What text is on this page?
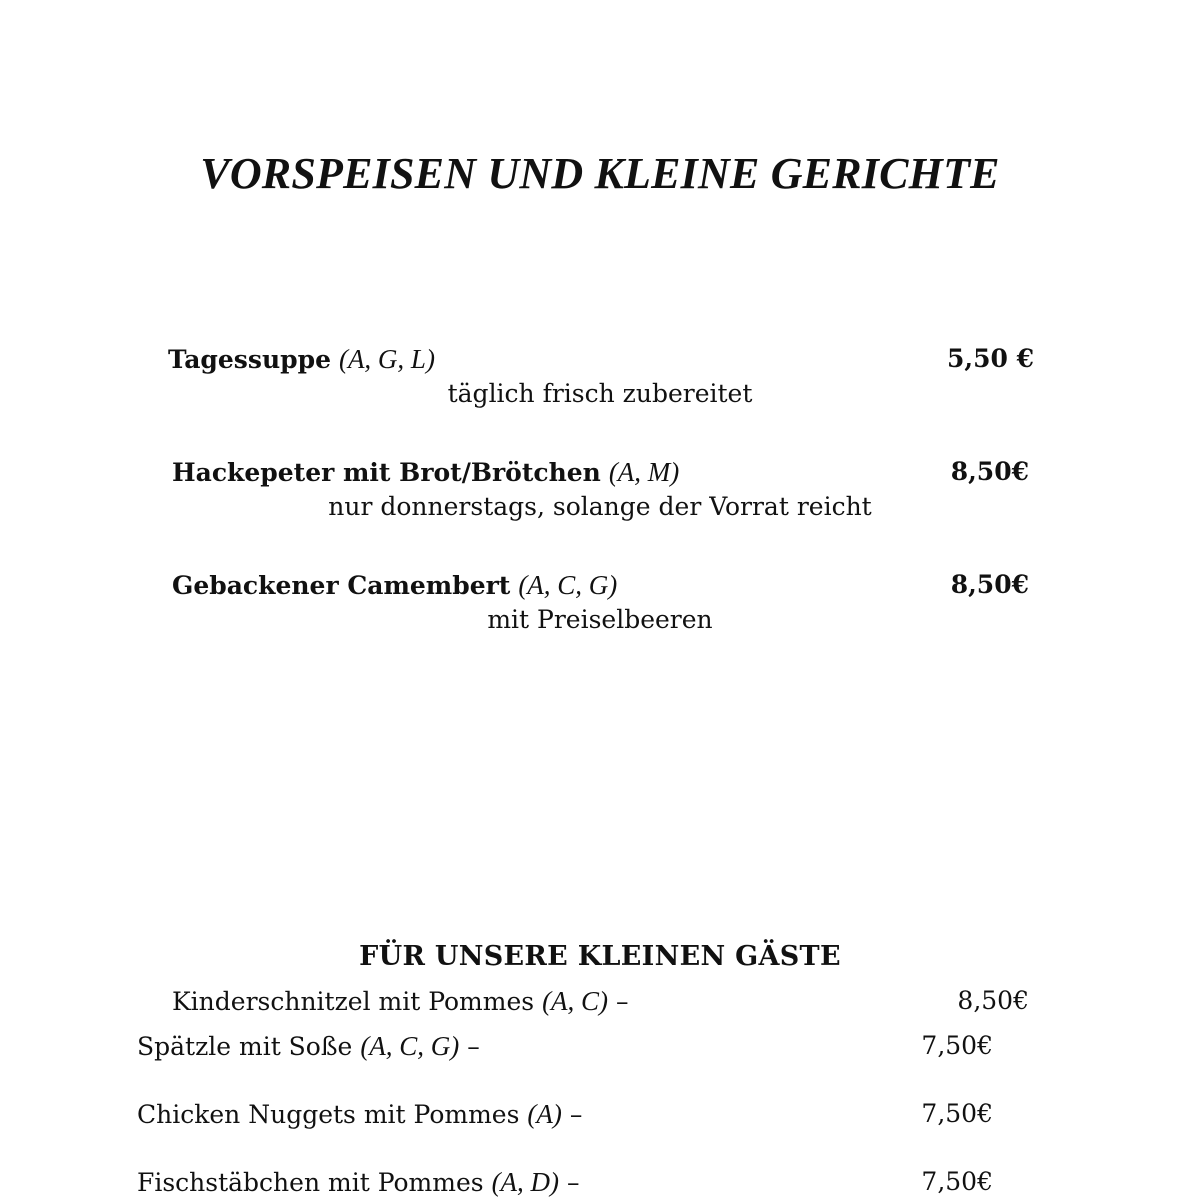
VORSPEISEN UND KLEINE GERICHTE
Tagessuppe (A, G, L)	5,50 €
täglich frisch zubereitet
Hackepeter mit Brot/Brötchen (A, M)	8,50€
nur donnerstags, solange der Vorrat reicht
Gebackener Camembert (A, C, G)	8,50€
mit Preiselbeeren
FÜR UNSERE KLEINEN GÄSTE
Kinderschnitzel mit Pommes (A, C) –	8,50€
Spätzle mit Soße (A, C, G) –	7,50€
Chicken Nuggets mit Pommes (A) –	7,50€
Fischstäbchen mit Pommes (A, D) –	7,50€
